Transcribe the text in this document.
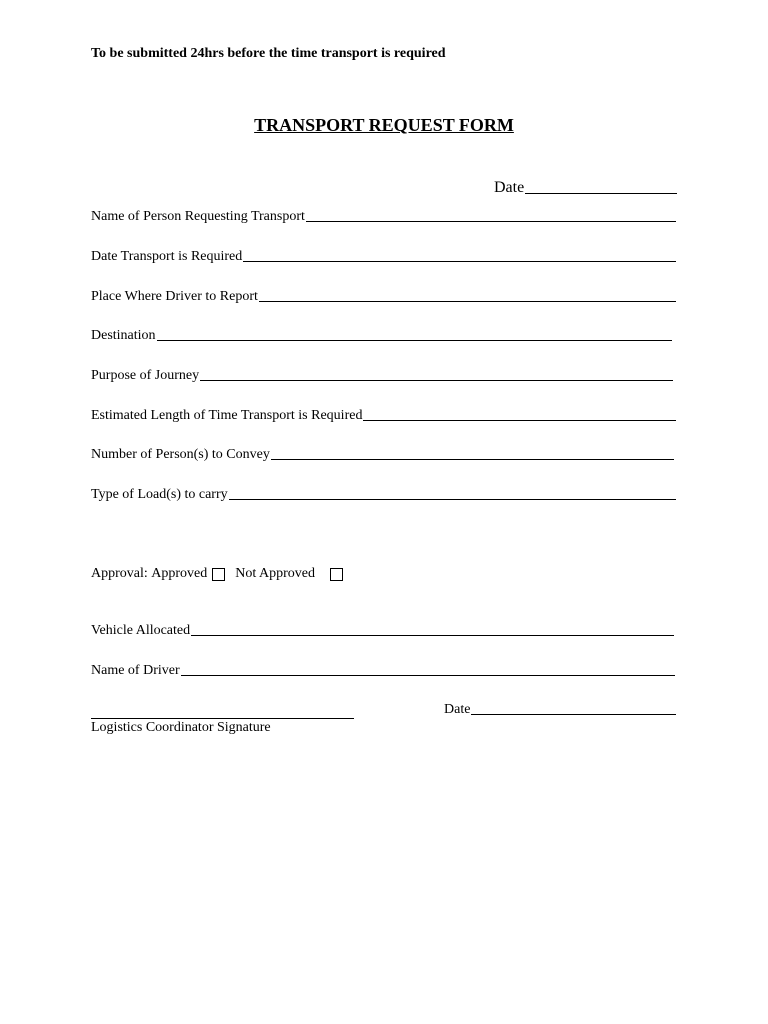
To be submitted 24hrs before the time transport is required
TRANSPORT REQUEST FORM
Date
Name of Person Requesting Transport
Date Transport is Required
Place Where Driver to Report
Destination
Purpose of Journey
Estimated Length of Time Transport is Required
Number of Person(s) to Convey
Type of Load(s) to carry
Approval:
Approved Not Approved
Vehicle Allocated
Name of Driver
Logistics Coordinator Signature
Date
